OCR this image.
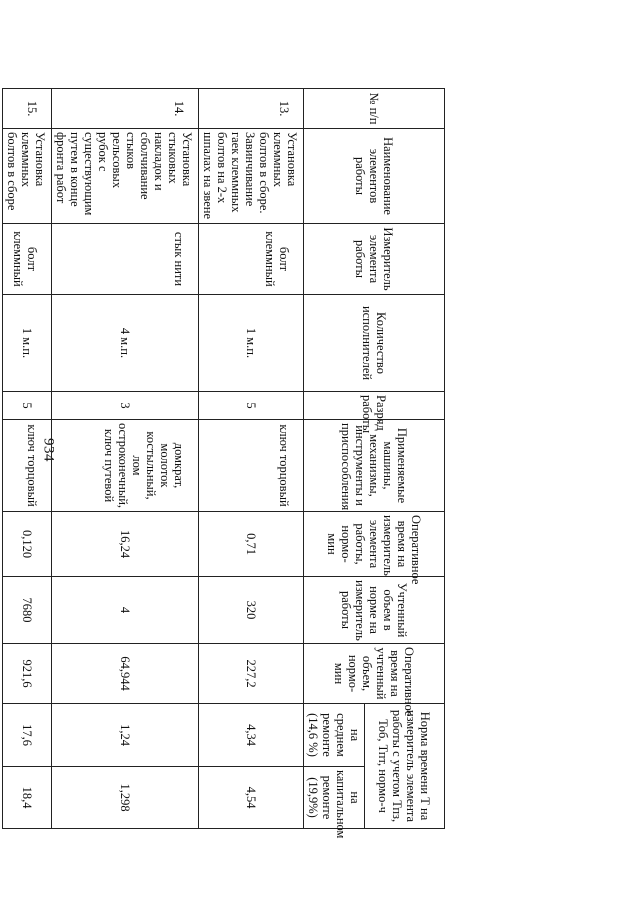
934
№ п/п	Наименование элементов работы	Измеритель элемента работы	Количество исполнителей	Разряд работы	Применяемые машины, механизмы, инструменты и приспособления	Оперативное время на измеритель элемента работы, нормо-мин	Учтенный объем в норме на измеритель работы	Оперативное время на учтенный объем, нормо-мин	Норма времени Т на измеритель элемента работы с учетом Тпз, Тоб, Тпт, нормо-ч	
									на среднем ремонте (14,6 %)	на капитальном ремонте (19,9%)
13.	Установка клеммных болтов в сборе. Завинчивание гаек клеммных болтов на 2-х шпалах на звене	болт клеммный	1 м.п.	5	ключ торцовый	0,71	320	227,2	4,34	4,54
14.	Установка стыковых накладок и сболчивание стыков рельсовых рубок с существующим путем в конце фронта работ	стык нити	4 м.п.	3	домкрат, молоток костыльный, лом остроконечный, ключ путевой	16,24	4	64,944	1,24	1,298
15.	Установка клеммных болтов в сборе	болт клеммный	1 м.п.	5	ключ торцовый	0,120	7680	921,6	17,6	18,4
